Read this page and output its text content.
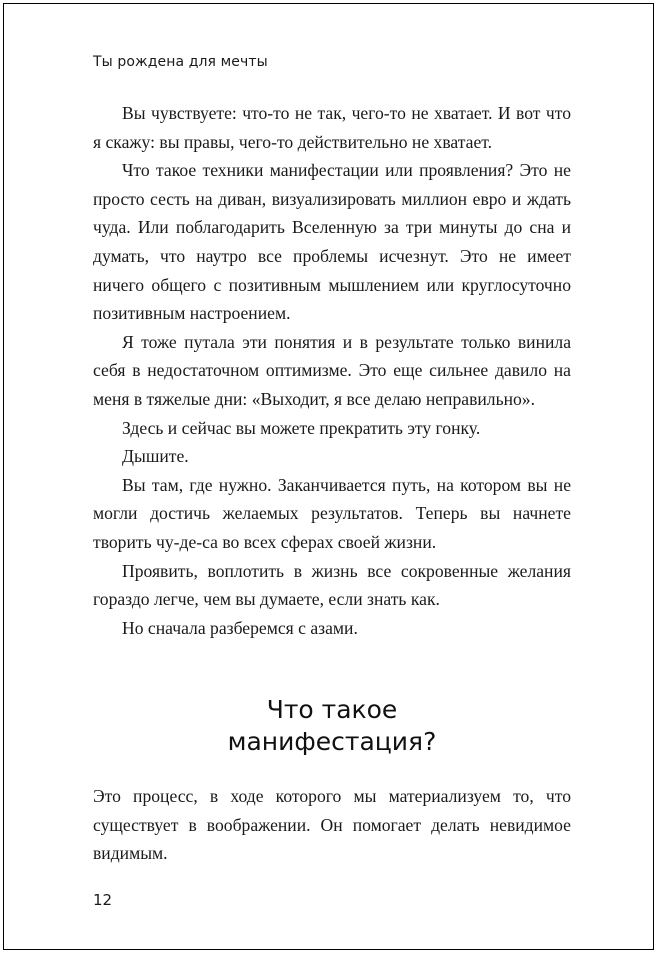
Ты рождена для мечты

Вы чувствуете: что-то не так, чего-то не хватает. И вот что я скажу: вы правы, чего-то действительно не хватает.

Что такое техники манифестации или проявления? Это не просто сесть на диван, визуализировать миллион евро и ждать чуда. Или поблагодарить Вселенную за три минуты до сна и думать, что наутро все проблемы исчезнут. Это не имеет ничего общего с позитивным мышлением или круглосуточно позитивным настроением.

Я тоже путала эти понятия и в результате только винила себя в недостаточном оптимизме. Это еще сильнее давило на меня в тяжелые дни: «Выходит, я все делаю неправильно».

Здесь и сейчас вы можете прекратить эту гонку.

Дышите.

Вы там, где нужно. Заканчивается путь, на котором вы не могли достичь желаемых результатов. Теперь вы начнете творить чу-де-са во всех сферах своей жизни.

Проявить, воплотить в жизнь все сокровенные желания гораздо легче, чем вы думаете, если знать как.

Но сначала разберемся с азами.

Что такое
манифестация?

Это процесс, в ходе которого мы материализуем то, что существует в воображении. Он помогает делать невидимое видимым.

12
